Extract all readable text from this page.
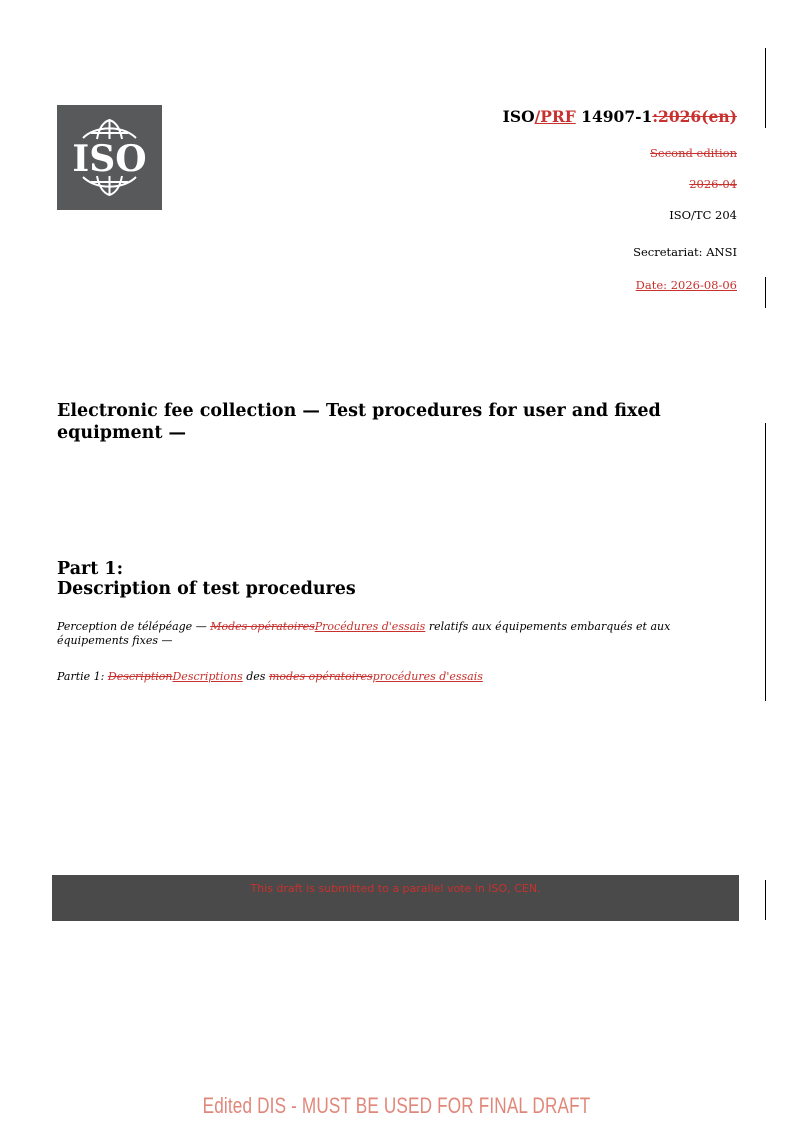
ISO
ISO/PRF 14907-1:2026(en)
Second edition
2026-04
ISO/TC 204
Secretariat: ANSI
Date: 2026-08-06
Electronic fee collection — Test procedures for user and fixed equipment —
Part 1:
Description of test procedures
Perception de télépéage — Modes opératoiresProcédures d'essais relatifs aux équipements embarqués et aux équipements fixes —
Partie 1: DescriptionDescriptions des modes opératoiresprocédures d'essais
This draft is submitted to a parallel vote in ISO, CEN.
Edited DIS - MUST BE USED FOR FINAL DRAFT
